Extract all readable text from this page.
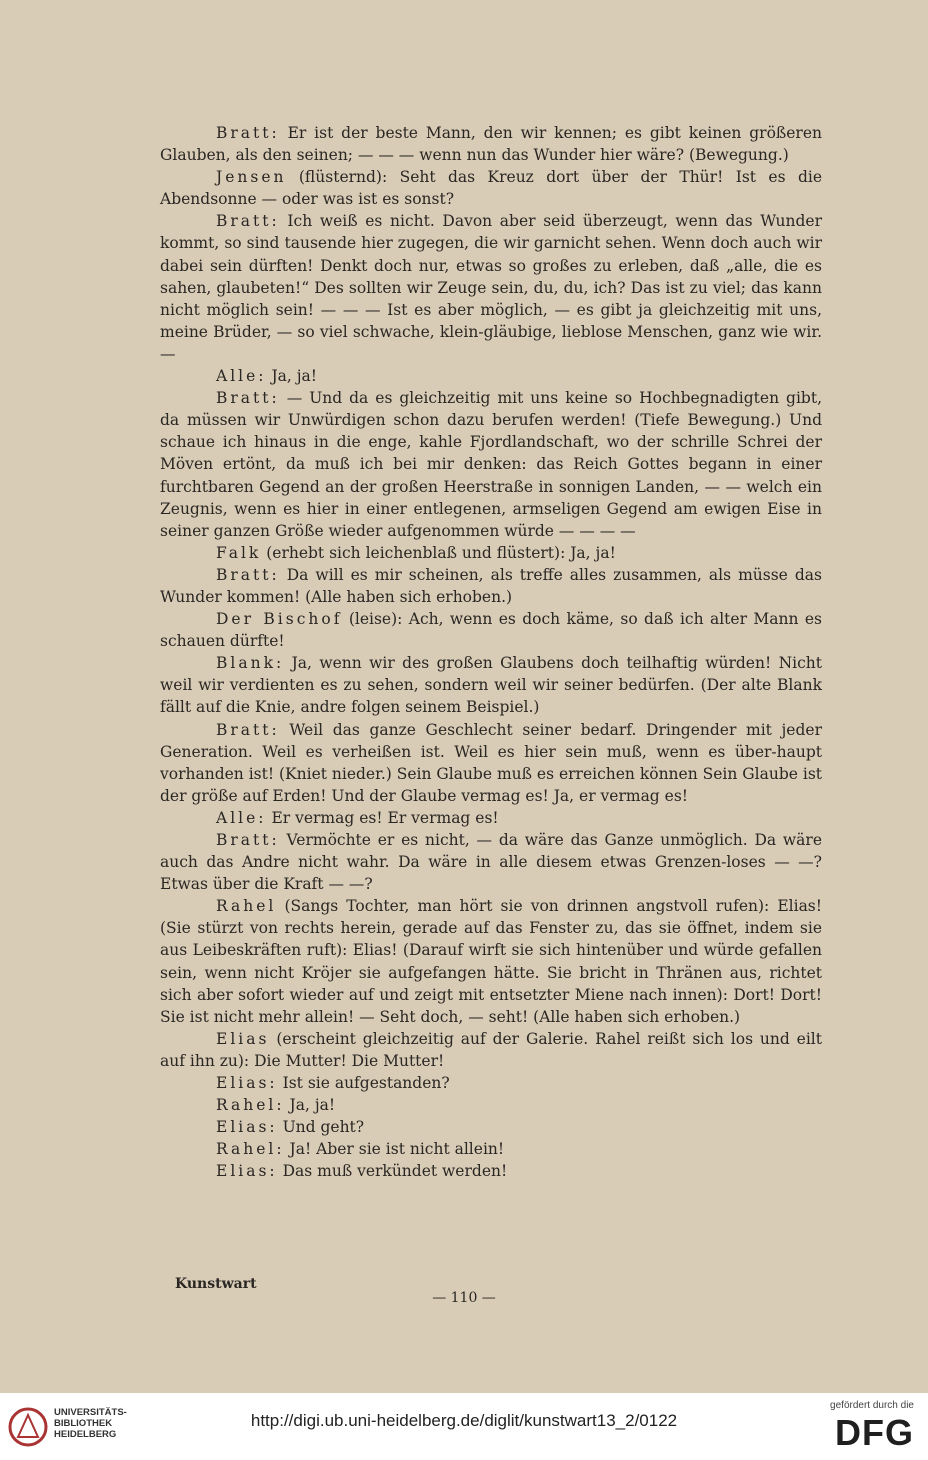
Bratt: Er ist der beste Mann, den wir kennen; es gibt keinen größeren Glauben, als den seinen; — — — wenn nun das Wunder hier wäre? (Bewegung.)

Jensen (flüsternd): Seht das Kreuz dort über der Thür! Ist es die Abendsonne — oder was ist es sonst?

Bratt: Ich weiß es nicht. Davon aber seid überzeugt, wenn das Wunder kommt, so sind tausende hier zugegen, die wir garnicht sehen. Wenn doch auch wir dabei sein dürften! Denkt doch nur, etwas so großes zu erleben, daß „alle, die es sahen, glaubeten!“ Des sollten wir Zeuge sein, du, du, ich? Das ist zu viel; das kann nicht möglich sein! — — — Ist es aber möglich, — es gibt ja gleichzeitig mit uns, meine Brüder, — so viel schwache, klein-gläubige, lieblose Menschen, ganz wie wir. —

Alle: Ja, ja!

Bratt: — Und da es gleichzeitig mit uns keine so Hochbegnadigten gibt, da müssen wir Unwürdigen schon dazu berufen werden! (Tiefe Bewegung.) Und schaue ich hinaus in die enge, kahle Fjordlandschaft, wo der schrille Schrei der Möven ertönt, da muß ich bei mir denken: das Reich Gottes begann in einer furchtbaren Gegend an der großen Heerstraße in sonnigen Landen, — — welch ein Zeugnis, wenn es hier in einer entlegenen, armseligen Gegend am ewigen Eise in seiner ganzen Größe wieder aufgenommen würde — — — —

Falk (erhebt sich leichenblaß und flüstert): Ja, ja!

Bratt: Da will es mir scheinen, als treffe alles zusammen, als müsse das Wunder kommen! (Alle haben sich erhoben.)

Der Bischof (leise): Ach, wenn es doch käme, so daß ich alter Mann es schauen dürfte!

Blank: Ja, wenn wir des großen Glaubens doch teilhaftig würden! Nicht weil wir verdienten es zu sehen, sondern weil wir seiner bedürfen. (Der alte Blank fällt auf die Knie, andre folgen seinem Beispiel.)

Bratt: Weil das ganze Geschlecht seiner bedarf. Dringender mit jeder Generation. Weil es verheißen ist. Weil es hier sein muß, wenn es über-haupt vorhanden ist! (Kniet nieder.) Sein Glaube muß es erreichen können Sein Glaube ist der größe auf Erden! Und der Glaube vermag es! Ja, er vermag es!

Alle: Er vermag es! Er vermag es!

Bratt: Vermöchte er es nicht, — da wäre das Ganze unmöglich. Da wäre auch das Andre nicht wahr. Da wäre in alle diesem etwas Grenzen-loses — —? Etwas über die Kraft — —?

Rahel (Sangs Tochter, man hört sie von drinnen angstvoll rufen): Elias! (Sie stürzt von rechts herein, gerade auf das Fenster zu, das sie öffnet, indem sie aus Leibeskräften ruft): Elias! (Darauf wirft sie sich hintenüber und würde gefallen sein, wenn nicht Kröjer sie aufgefangen hätte. Sie bricht in Thränen aus, richtet sich aber sofort wieder auf und zeigt mit entsetzter Miene nach innen): Dort! Dort! Sie ist nicht mehr allein! — Seht doch, — seht! (Alle haben sich erhoben.)

Elias (erscheint gleichzeitig auf der Galerie. Rahel reißt sich los und eilt auf ihn zu): Die Mutter! Die Mutter!

Elias: Ist sie aufgestanden?

Rahel: Ja, ja!

Elias: Und geht?

Rahel: Ja! Aber sie ist nicht allein!

Elias: Das muß verkündet werden!

Kunstwart
— 110 —
UNIVERSITÄTS-
BIBLIOTHEK
HEIDELBERG
http://digi.ub.uni-heidelberg.de/diglit/kunstwart13_2/0122
gefördert durch die
DFG
